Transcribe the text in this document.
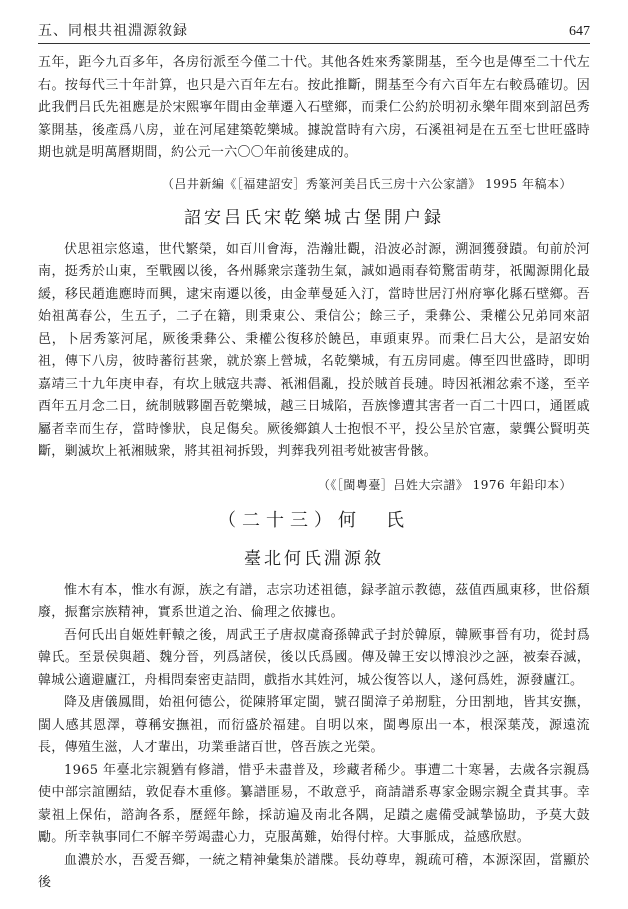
五、同根共祖淵源敘録	647

五年，距今九百多年，各房衍派至今僅二十代。其他各姓來秀篆開基，至今也是傳至二十代左右。按每代三十年計算，也只是六百年左右。按此推斷，開基至今有六百年左右較爲確切。因此我們吕氏先祖應是於宋熙寧年間由金華遷入石壁鄉，而秉仁公約於明初永樂年間來到詔邑秀篆開基，後產爲八房，並在河尾建築乾樂城。據說當時有六房，石溪祖祠是在五至七世旺盛時期也就是明萬曆期間，約公元一六〇〇年前後建成的。

（吕井新編《［福建詔安］秀篆河美吕氏三房十六公家譜》 1995 年稿本）

詔安吕氏宋乾樂城古堡開户録

伏思祖宗悠遠，世代繁榮，如百川會海，浩瀚壯觀，沿波必討源，溯洄獲發蹟。旬前於河南，挺秀於山東，至戰國以後，各州縣衆宗蓬勃生氣，誠如過雨春筍驚雷萌芽，祇闖源開化最緩，移民趙進應時而興，逮宋南遷以後，由金華曼延入汀，當時世居汀州府寧化縣石壁鄉。吾始祖萬春公，生五子，二子在籍，則秉東公、秉信公；餘三子，秉彝公、秉權公兄弟同來詔邑，卜居秀篆河尾，厥後秉彝公、秉權公復移於饒邑，車頭東界。而秉仁吕大公，是詔安始祖，傳下八房，彼時蕃衍甚衆，就於寨上營城，名乾樂城，有五房同處。傳至四世盛時，即明嘉靖三十九年庚申春，有坎上賊寇共壽、衹湘倡亂，投於賊首長璉。時因衹湘忿索不遂，至辛酉年五月念二日，統制賊夥圍吾乾樂城，越三日城陷，吾族慘遭其害者一百二十四口，通匿戚屬者幸而生存，當時慘狀，良足傷矣。厥後鄉鎮人士抱恨不平，投公呈於官憲，蒙龔公賢明英斷，剿滅坎上衹湘賊衆，將其祖祠拆毁，判葬我列祖考妣被害骨骸。

（《［閩粵臺］吕姓大宗譜》 1976 年鉛印本）

（二十三）何　氏
臺北何氏淵源敘

惟木有本，惟水有源，族之有譜，志宗功述祖德，録孝誼示教德，茲值西風東移，世俗頹廢，振奮宗族精神，實系世道之治、倫理之依據也。

吾何氏出自姬姓軒轅之後，周武王子唐叔虞裔孫韓武子封於韓原，韓厥事晉有功，從封爲韓氏。至景侯與趙、魏分晉，列爲諸侯，後以氏爲國。傳及韓王安以博浪沙之誣，被秦吞滅，韓城公適避廬江，舟楫問秦密吏詰問，戲指水其姓河，城公復答以人，遂何爲姓，源發廬江。

降及唐儀鳳間，始祖何德公，從陳將軍定閩，號召閩漳子弟剏駐，分田割地，皆其安撫，閩人感其恩澤，尊稱安撫祖，而衍盛於福建。自明以來，閩粵原出一本，根深葉茂，源遠流長，傳殖生滋，人才輩出，功業垂諸百世，啓吾族之光榮。

1965 年臺北宗親猶有修譜，惜乎未盡普及，珍藏者稀少。事遭二十寒暑，去歲各宗親爲使中部宗誼團結，敦促春木重修。纂譜匪易，不敢意乎，商請譜系專家金賜宗親全責其事。幸蒙祖上保佑，諮詢各系，歷經年餘，採訪遍及南北各隅，足蹟之處備受誠摯協助，予莫大鼓勵。所幸執事同仁不解辛勞竭盡心力，克服萬難，始得付梓。大事脈成，益感欣慰。

血濃於水，吾愛吾鄉，一統之精神彙集於譜牒。長幼尊卑，親疏可稽，本源深固，當顯於後
